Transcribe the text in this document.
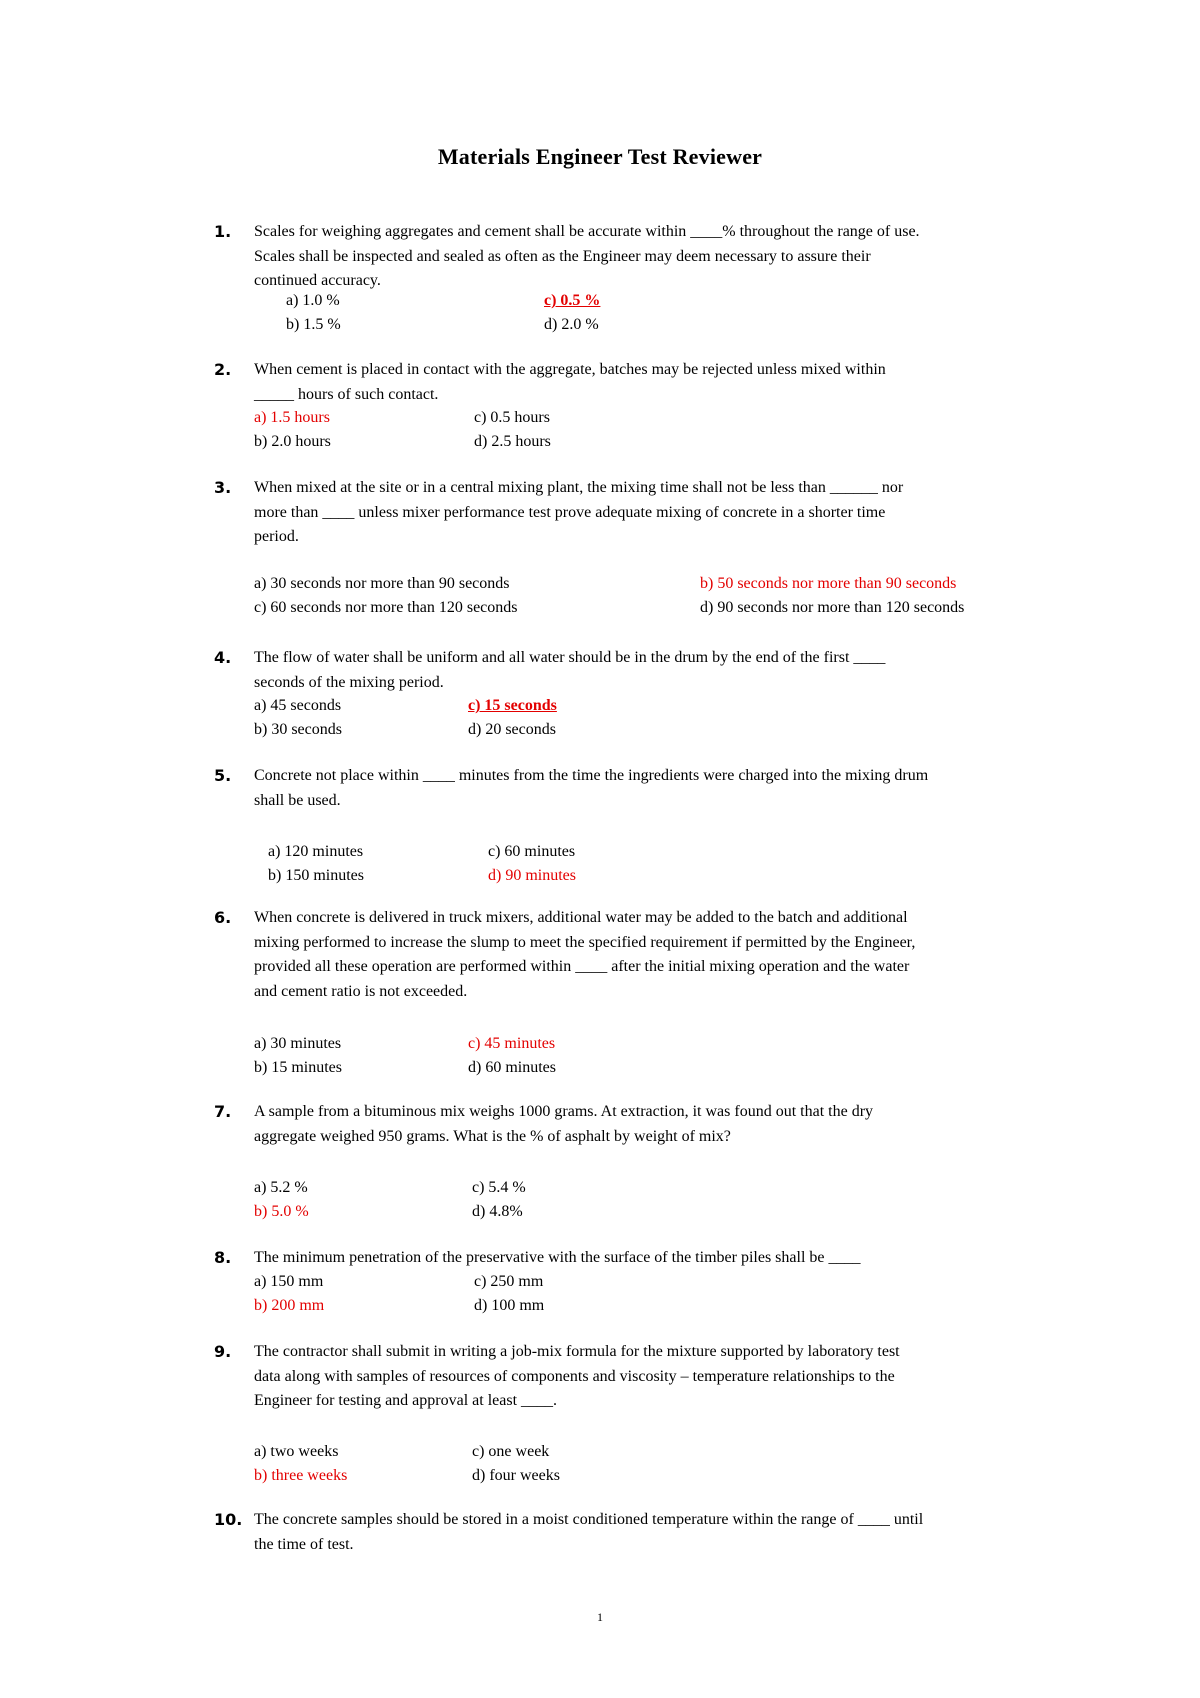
Materials Engineer Test Reviewer
1. Scales for weighing aggregates and cement shall be accurate within ____% throughout the range of use.
Scales shall be inspected and sealed as often as the Engineer may deem necessary to assure their
continued accuracy.
a) 1.0 %	c) 0.5 %
b) 1.5 %	d) 2.0 %
2. When cement is placed in contact with the aggregate, batches may be rejected unless mixed within
_____ hours of such contact.
a) 1.5 hours	c) 0.5 hours
b) 2.0 hours	d) 2.5 hours
3. When mixed at the site or in a central mixing plant, the mixing time shall not be less than ______ nor
more than ____ unless mixer performance test prove adequate mixing of concrete in a shorter time
period.
a) 30 seconds nor more than 90 seconds	b) 50 seconds nor more than 90 seconds
c) 60 seconds nor more than 120 seconds	d) 90 seconds nor more than 120 seconds
4. The flow of water shall be uniform and all water should be in the drum by the end of the first ____
seconds of the mixing period.
a) 45 seconds	c) 15 seconds
b) 30 seconds	d) 20 seconds
5. Concrete not place within ____ minutes from the time the ingredients were charged into the mixing drum
shall be used.
a) 120 minutes	c) 60 minutes
b) 150 minutes	d) 90 minutes
6. When concrete is delivered in truck mixers, additional water may be added to the batch and additional
mixing performed to increase the slump to meet the specified requirement if permitted by the Engineer,
provided all these operation are performed within ____ after the initial mixing operation and the water
and cement ratio is not exceeded.
a) 30 minutes	c) 45 minutes
b) 15 minutes	d) 60 minutes
7. A sample from a bituminous mix weighs 1000 grams. At extraction, it was found out that the dry
aggregate weighed 950 grams. What is the % of asphalt by weight of mix?
a) 5.2 %	c) 5.4 %
b) 5.0 %	d) 4.8%
8. The minimum penetration of the preservative with the surface of the timber piles shall be ____
a) 150 mm	c) 250 mm
b) 200 mm	d) 100 mm
9. The contractor shall submit in writing a job-mix formula for the mixture supported by laboratory test
data along with samples of resources of components and viscosity – temperature relationships to the
Engineer for testing and approval at least ____.
a) two weeks	c) one week
b) three weeks	d) four weeks
10. The concrete samples should be stored in a moist conditioned temperature within the range of ____ until
the time of test.
1
